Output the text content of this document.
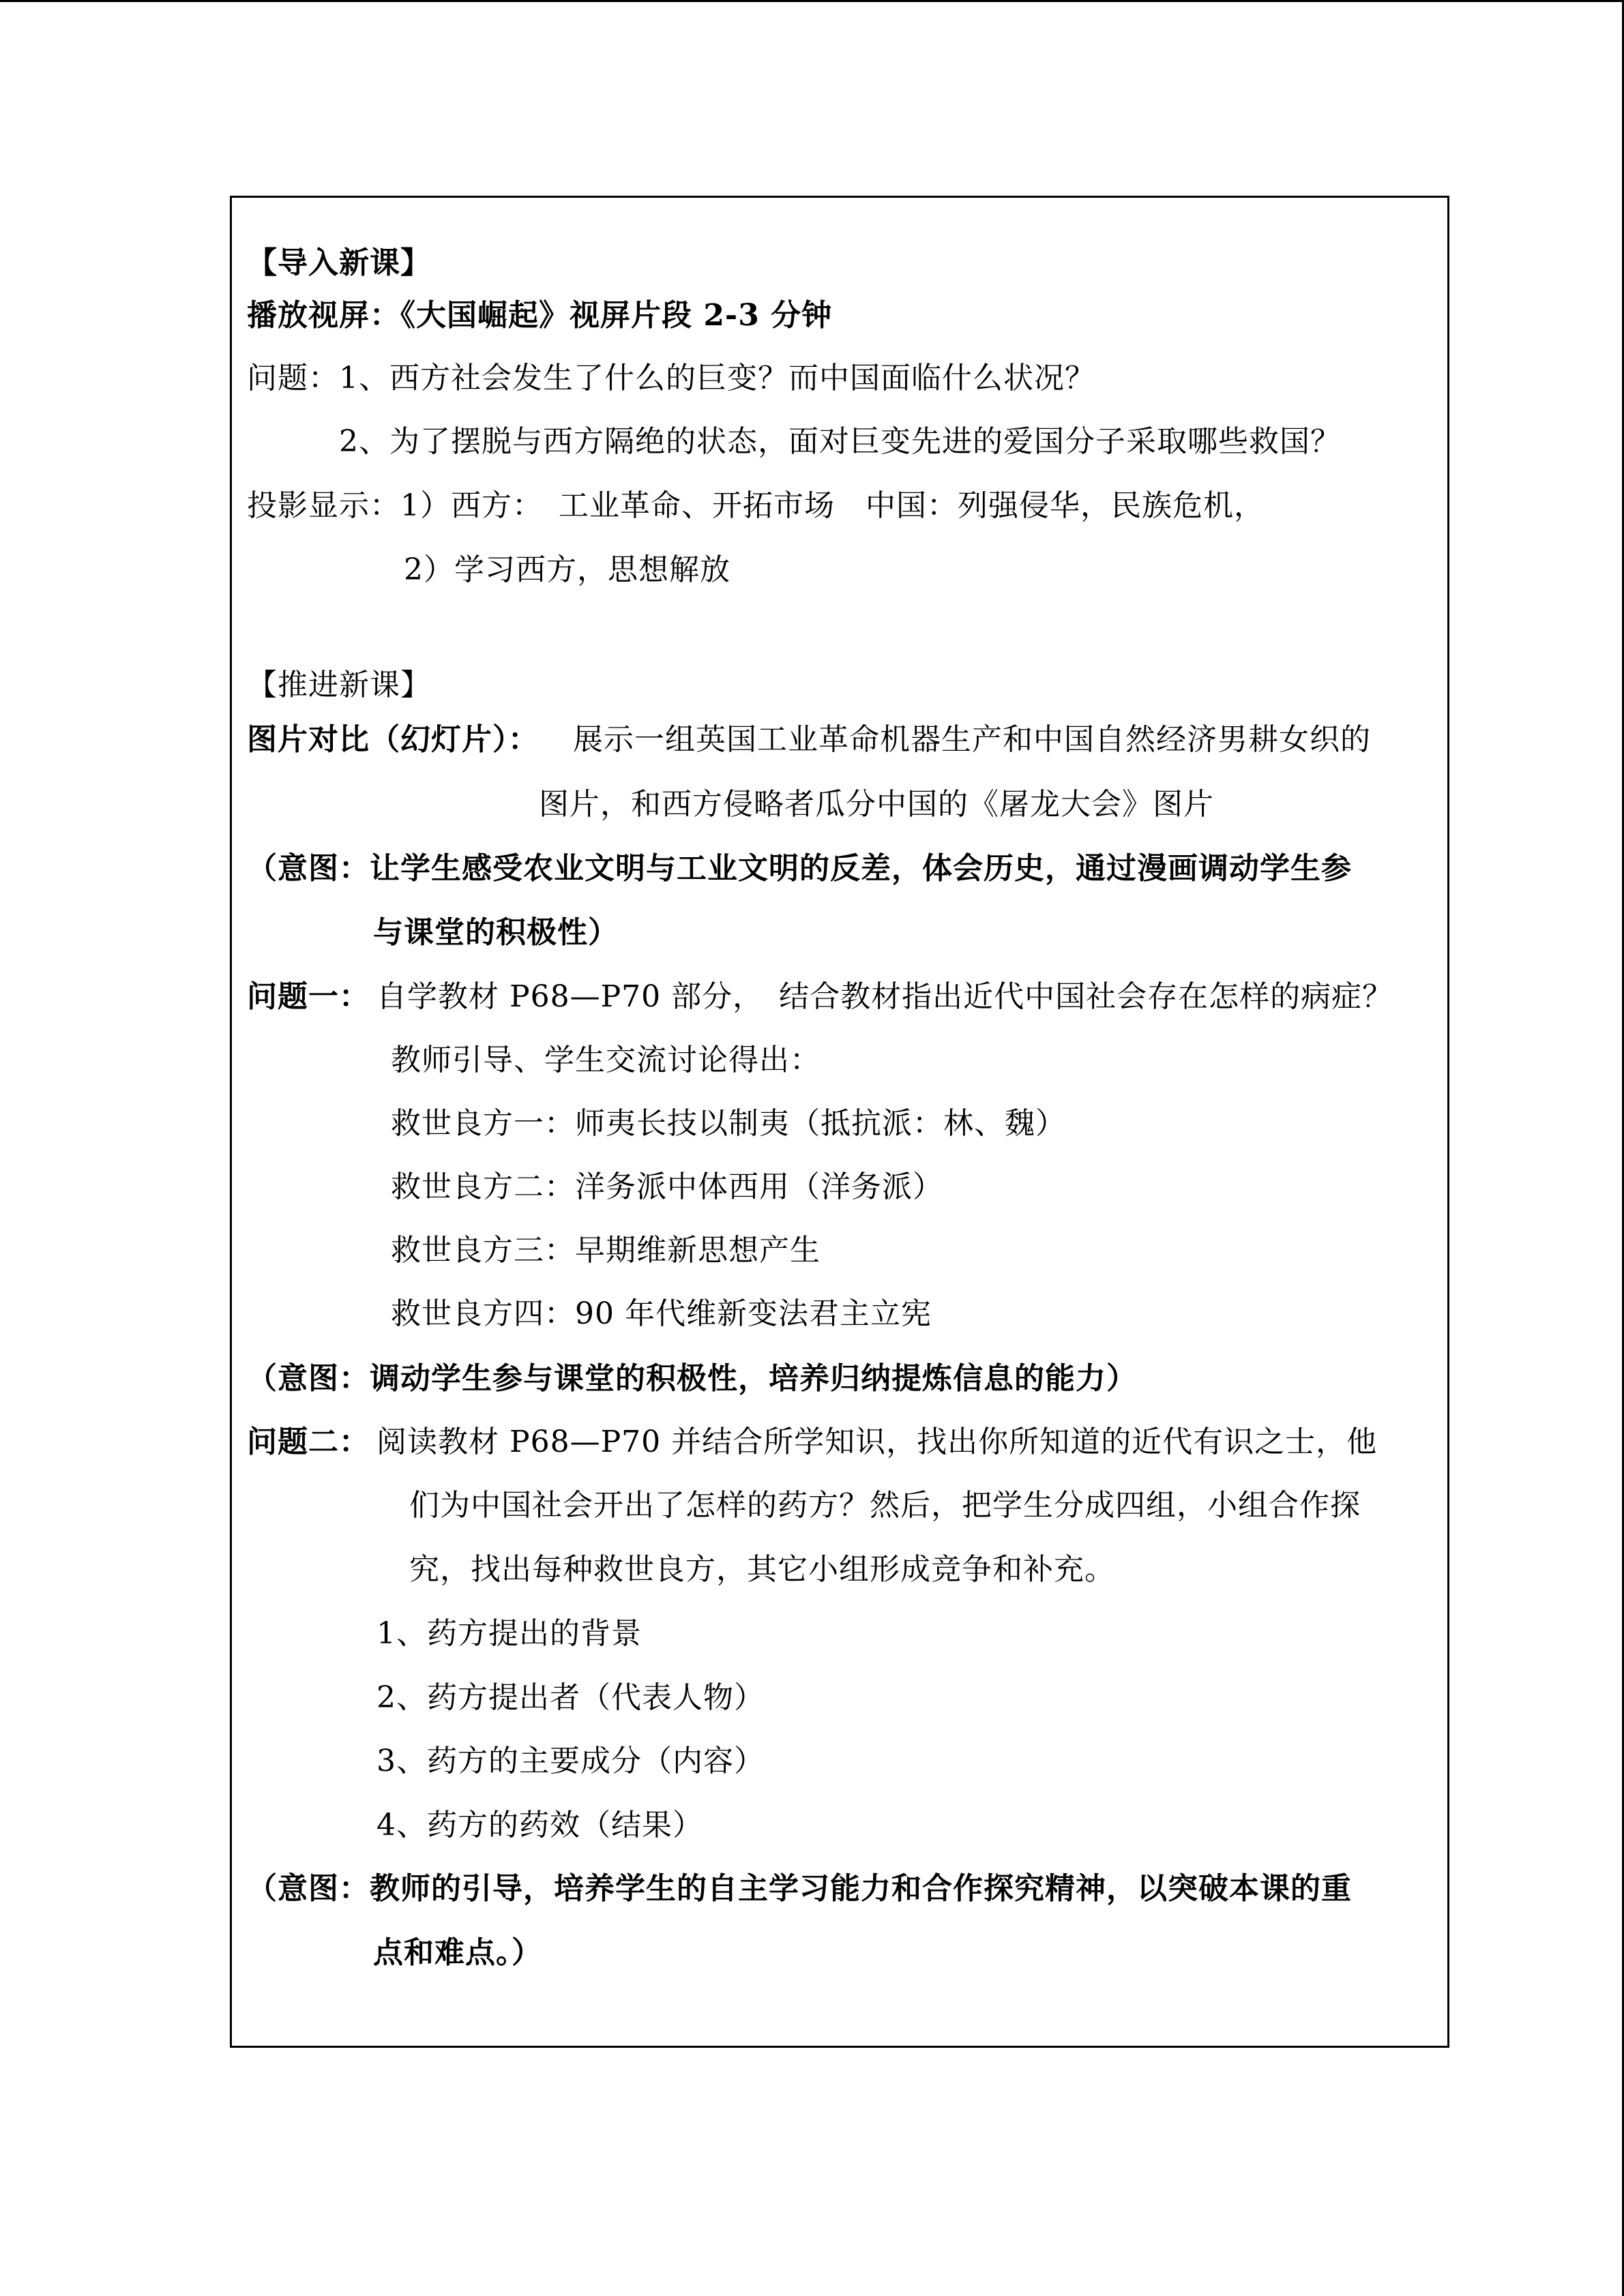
【导入新课】
播放视屏：《大国崛起》视屏片段 2-3 分钟
问题：1、西方社会发生了什么的巨变？而中国面临什么状况？
2、为了摆脱与西方隔绝的状态，面对巨变先进的爱国分子采取哪些救国？
投影显示：1）西方：　工业革命、开拓市场　中国：列强侵华，民族危机，
2）学习西方，思想解放
【推进新课】
图片对比（幻灯片）： 展示一组英国工业革命机器生产和中国自然经济男耕女织的
图片，和西方侵略者瓜分中国的《屠龙大会》图片
（意图：让学生感受农业文明与工业文明的反差，体会历史，通过漫画调动学生参
与课堂的积极性）
问题一： 自学教材 P68—P70 部分，　结合教材指出近代中国社会存在怎样的病症？
教师引导、学生交流讨论得出：
救世良方一：师夷长技以制夷（抵抗派：林、魏）
救世良方二：洋务派中体西用（洋务派）
救世良方三：早期维新思想产生
救世良方四：90 年代维新变法君主立宪
（意图：调动学生参与课堂的积极性，培养归纳提炼信息的能力）
问题二： 阅读教材 P68—P70 并结合所学知识，找出你所知道的近代有识之士，他
们为中国社会开出了怎样的药方？然后，把学生分成四组，小组合作探
究，找出每种救世良方，其它小组形成竞争和补充。
1、药方提出的背景
2、药方提出者（代表人物）
3、药方的主要成分（内容）
4、药方的药效（结果）
（意图：教师的引导，培养学生的自主学习能力和合作探究精神，以突破本课的重
点和难点。）
